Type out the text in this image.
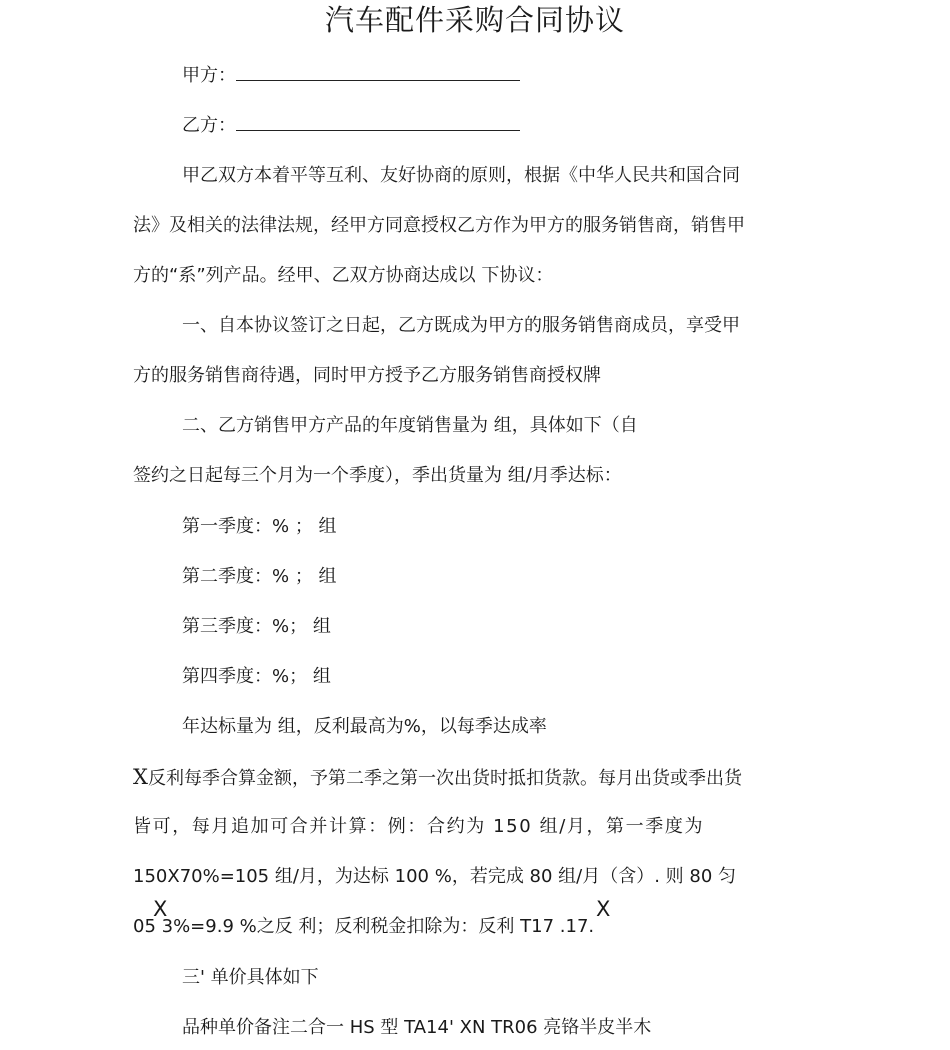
汽车配件采购合同协议
甲方：
乙方：
甲乙双方本着平等互利、友好协商的原则，根据《中华人民共和国合同
法》及相关的法律法规，经甲方同意授权乙方作为甲方的服务销售商，销售甲
方的“系”列产品。经甲、乙双方协商达成以 下协议：
一、自本协议签订之日起，乙方既成为甲方的服务销售商成员，享受甲
方的服务销售商待遇，同时甲方授予乙方服务销售商授权牌
二、乙方销售甲方产品的年度销售量为 组，具体如下（自
签约之日起每三个月为一个季度），季出货量为 组/月季达标：
第一季度：% ； 组
第二季度：% ； 组
第三季度：%； 组
第四季度：%； 组
年达标量为 组，反利最高为%，以每季达成率
X反利每季合算金额，予第二季之第一次出货时抵扣货款。每月出货或季出货
皆可，每月追加可合并计算：例：合约为 150 组/月，第一季度为
150X70%=105 组/月，为达标 100 %，若完成 80 组/月（含）. 则 80 匀
05 3%=9.9 %之反 利；反利税金扣除为：反利 T17 .17.
X	X
三' 单价具体如下
品种单价备注二合一 HS 型 TA14' XN TR06 亮铬半皮半木
